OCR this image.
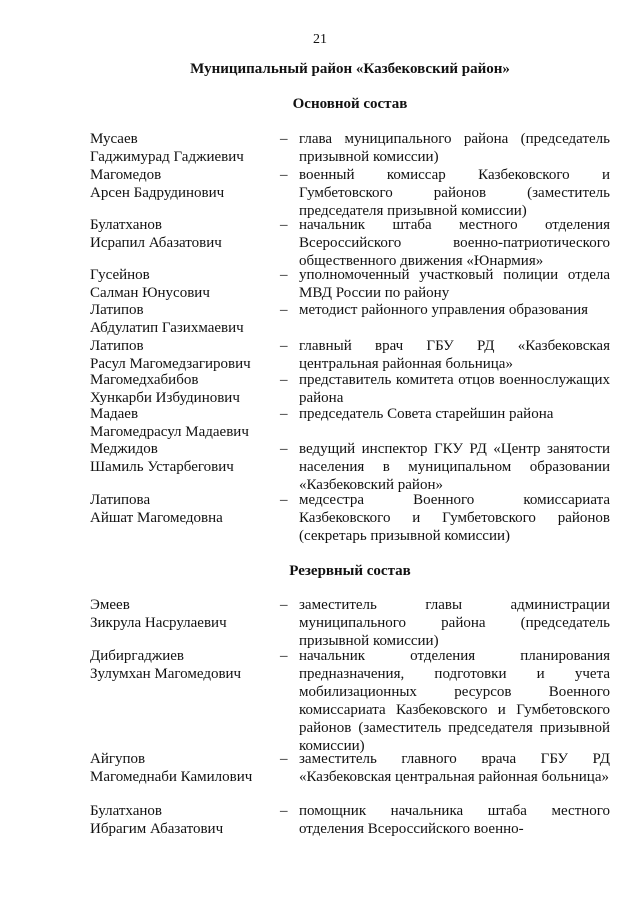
21
Муниципальный район «Казбековский район»
Основной состав
Мусаев
Гаджимурад Гаджиевич
– глава муниципального района (председатель призывной комиссии)
Магомедов
Арсен Бадрудинович
– военный комиссар Казбековского и Гумбетовского районов (заместитель председателя призывной комиссии)
Булатханов
Исрапил Абазатович
– начальник штаба местного отделения Всероссийского военно-патриотического общественного движения «Юнармия»
Гусейнов
Салман Юнусович
– уполномоченный участковый полиции отдела МВД России по району
Латипов
Абдулатип Газихмаевич
– методист районного управления образования
Латипов
Расул Магомедзагирович
– главный врач ГБУ РД «Казбековская центральная районная больница»
Магомедхабибов
Хункарби Избудинович
– представитель комитета отцов военнослужащих района
Мадаев
Магомедрасул Мадаевич
– председатель Совета старейшин района
Меджидов
Шамиль Устарбегович
– ведущий инспектор ГКУ РД «Центр занятости населения в муниципальном образовании «Казбековский район»
Латипова
Айшат Магомедовна
– медсестра Военного комиссариата Казбековского и Гумбетовского районов (секретарь призывной комиссии)
Резервный состав
Эмеев
Зикрула Насрулаевич
– заместитель главы администрации муниципального района (председатель призывной комиссии)
Дибиргаджиев
Зулумхан Магомедович
– начальник отделения планирования предназначения, подготовки и учета мобилизационных ресурсов Военного комиссариата Казбековского и Гумбетовского районов (заместитель председателя призывной комиссии)
Айгупов
Магомеднаби Камилович
– заместитель главного врача ГБУ РД «Казбековская центральная районная больница»
Булатханов
Ибрагим Абазатович
– помощник начальника штаба местного отделения Всероссийского военно-
